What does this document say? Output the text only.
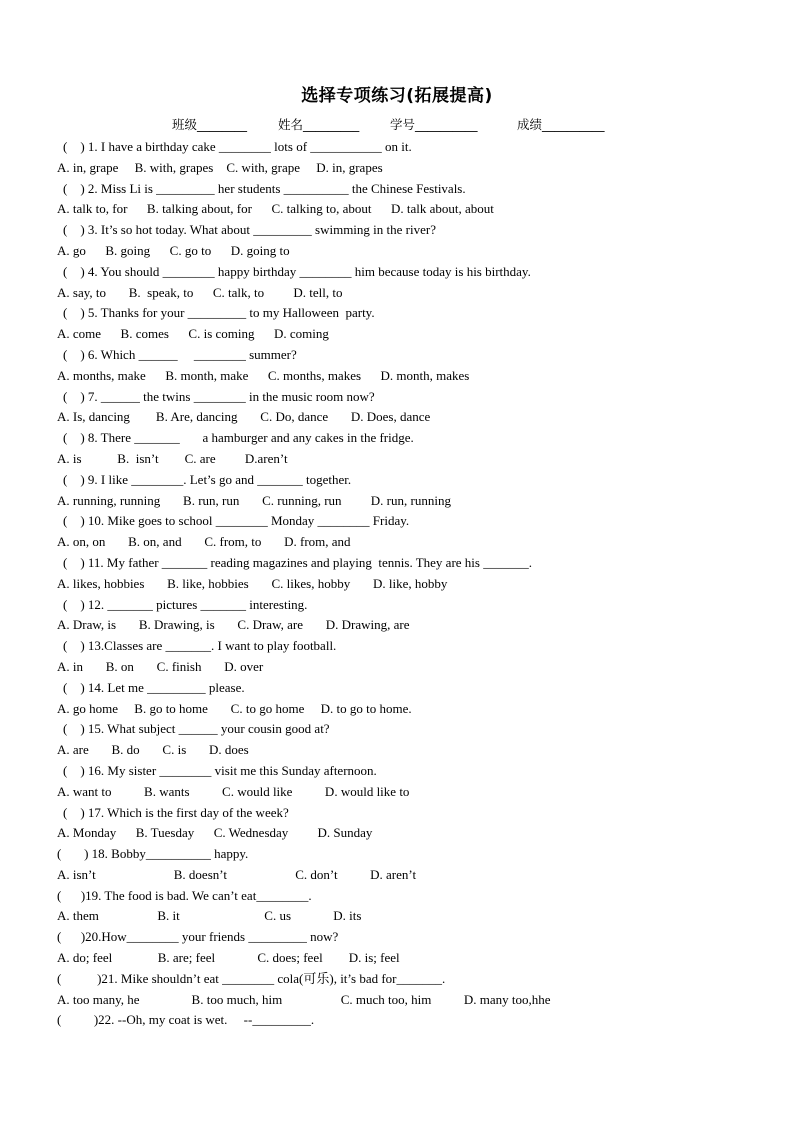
选择专项练习(拓展提高)
班级________ 姓名_________ 学号__________	成绩__________
(    ) 1. I have a birthday cake ________ lots of ___________ on it.
A. in, grape     B. with, grapes    C. with, grape     D. in, grapes
(    ) 2. Miss Li is _________ her students __________ the Chinese Festivals.
A. talk to, for      B. talking about, for      C. talking to, about      D. talk about, about
(    ) 3. It’s so hot today. What about _________ swimming in the river?
A. go      B. going      C. go to      D. going to
(    ) 4. You should ________ happy birthday ________ him because today is his birthday.
A. say, to       B.  speak, to      C. talk, to         D. tell, to
(    ) 5. Thanks for your _________ to my Halloween  party.
A. come      B. comes      C. is coming      D. coming
(    ) 6. Which ______     ________ summer?
A. months, make      B. month, make      C. months, makes      D. month, makes
(    ) 7. ______ the twins ________ in the music room now?
A. Is, dancing        B. Are, dancing       C. Do, dance       D. Does, dance
(    ) 8. There _______       a hamburger and any cakes in the fridge.
A. is           B.  isn’t        C. are         D.aren’t
(    ) 9. I like ________. Let’s go and _______ together.
A. running, running       B. run, run       C. running, run         D. run, running
(    ) 10. Mike goes to school ________ Monday ________ Friday.
A. on, on       B. on, and       C. from, to       D. from, and
(    ) 11. My father _______ reading magazines and playing  tennis. They are his _______.
A. likes, hobbies       B. like, hobbies       C. likes, hobby       D. like, hobby
(    ) 12. _______ pictures _______ interesting.
A. Draw, is       B. Drawing, is       C. Draw, are       D. Drawing, are
(    ) 13.Classes are _______. I want to play football.
A. in       B. on       C. finish       D. over
(    ) 14. Let me _________ please.
A. go home     B. go to home       C. to go home     D. to go to home.
(    ) 15. What subject ______ your cousin good at?
A. are       B. do       C. is       D. does
(    ) 16. My sister ________ visit me this Sunday afternoon.
A. want to          B. wants          C. would like          D. would like to
(    ) 17. Which is the first day of the week?
A. Monday      B. Tuesday      C. Wednesday         D. Sunday
(       ) 18. Bobby__________ happy.
A. isn’t                        B. doesn’t                     C. don’t          D. aren’t
(      )19. The food is bad. We can’t eat________.
A. them                  B. it                          C. us             D. its
(      )20.How________ your friends _________ now?
A. do; feel              B. are; feel             C. does; feel        D. is; feel
(           )21. Mike shouldn’t eat ________ cola(可乐), it’s bad for_______.
A. too many, he                B. too much, him                  C. much too, him          D. many too,hhe
(          )22. --Oh, my coat is wet.     --_________.
